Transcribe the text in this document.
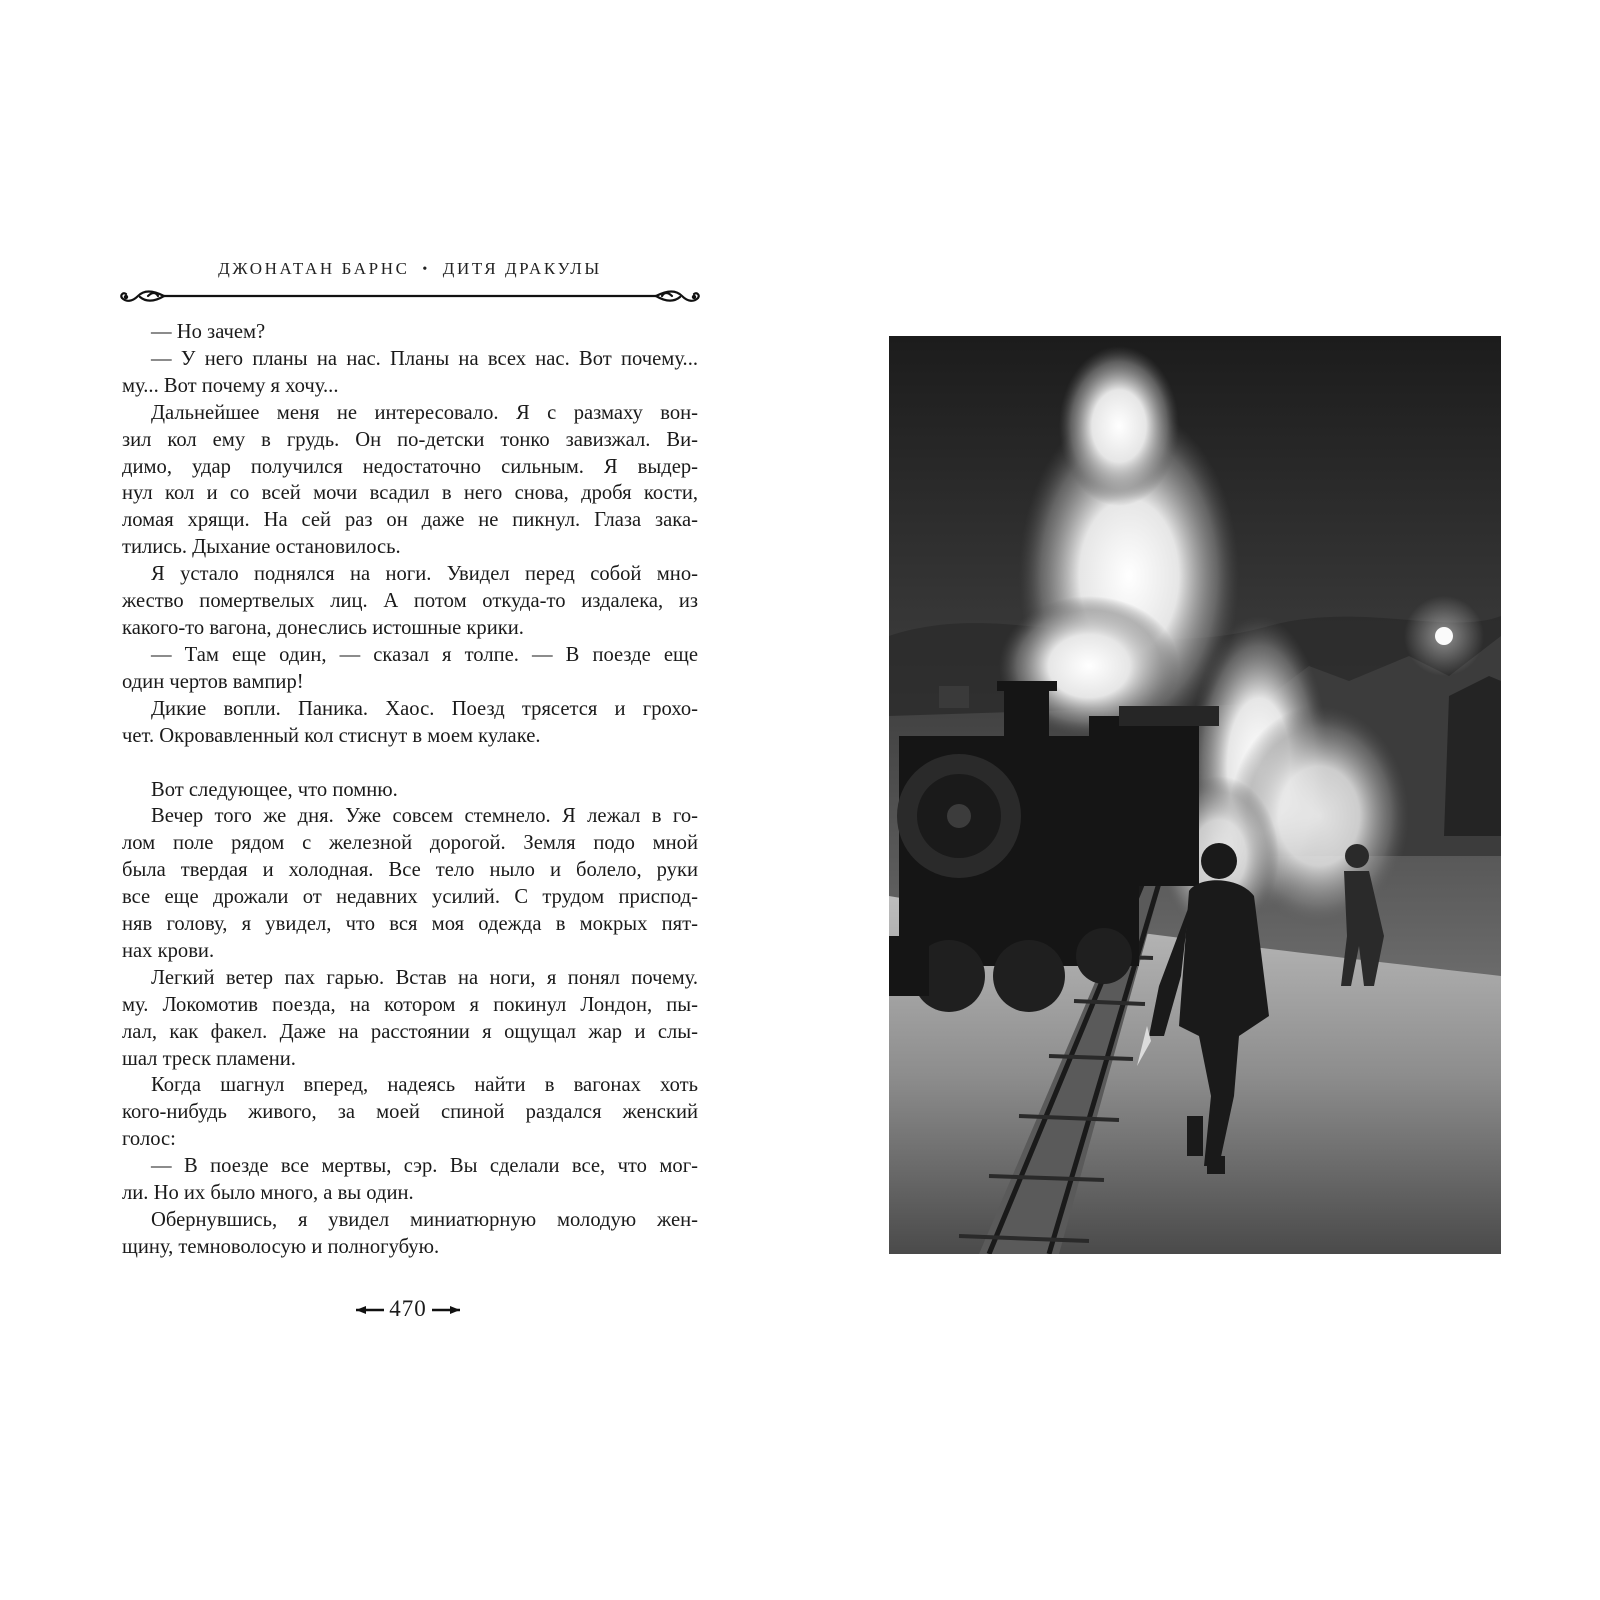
ДЖОНАТАН БАРНС • ДИТЯ ДРАКУЛЫ
— Но зачем?
— У него планы на нас. Планы на всех нас. Вот почему...
му... Вот почему я хочу...
Дальнейшее меня не интересовало. Я с размаху вон-
зил кол ему в грудь. Он по-детски тонко завизжал. Ви-
димо, удар получился недостаточно сильным. Я выдер-
нул кол и со всей мочи всадил в него снова, дробя кости,
ломая хрящи. На сей раз он даже не пикнул. Глаза зака-
тились. Дыхание остановилось.
Я устало поднялся на ноги. Увидел перед собой мно-
жество помертвелых лиц. А потом откуда-то издалека, из
какого-то вагона, донеслись истошные крики.
— Там еще один, — сказал я толпе. — В поезде еще
один чертов вампир!
Дикие вопли. Паника. Хаос. Поезд трясется и грохо-
чет. Окровавленный кол стиснут в моем кулаке.
Вот следующее, что помню.
Вечер того же дня. Уже совсем стемнело. Я лежал в го-
лом поле рядом с железной дорогой. Земля подо мной
была твердая и холодная. Все тело ныло и болело, руки
все еще дрожали от недавних усилий. С трудом приспод-
няв голову, я увидел, что вся моя одежда в мокрых пят-
нах крови.
Легкий ветер пах гарью. Встав на ноги, я понял почему.
му. Локомотив поезда, на котором я покинул Лондон, пы-
лал, как факел. Даже на расстоянии я ощущал жар и слы-
шал треск пламени.
Когда шагнул вперед, надеясь найти в вагонах хоть
кого-нибудь живого, за моей спиной раздался женский
голос:
— В поезде все мертвы, сэр. Вы сделали все, что мог-
ли. Но их было много, а вы один.
Обернувшись, я увидел миниатюрную молодую жен-
щину, темноволосую и полногубую.
470
